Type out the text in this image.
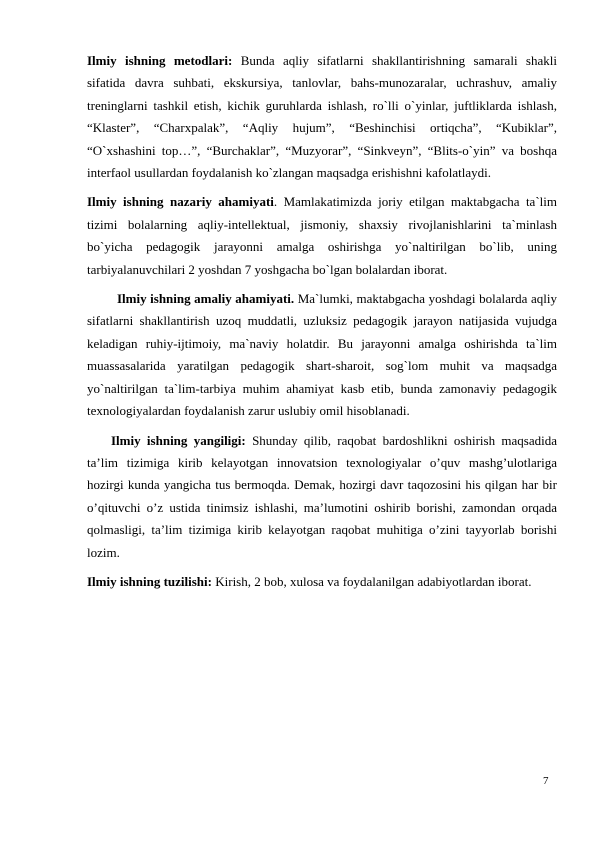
Ilmiy ishning metodlari: Bunda aqliy sifatlarni shakllantirishning samarali shakli sifatida davra suhbati, ekskursiya, tanlovlar, bahs-munozaralar, uchrashuv, amaliy treninglarni tashkil etish, kichik guruhlarda ishlash, ro`lli o`yinlar, juftliklarda ishlash, “Klaster”, “Charxpalak”, “Aqliy hujum”, “Beshinchisi ortiqcha”, “Kubiklar”, “O`xshashini top…”, “Burchaklar”, “Muzyorar”, “Sinkveyn”, “Blits-o`yin” va boshqa interfaol usullardan foydalanish ko`zlangan maqsadga erishishni kafolatlaydi.

Ilmiy ishning nazariy ahamiyati. Mamlakatimizda joriy etilgan maktabgacha ta`lim tizimi bolalarning aqliy-intellektual, jismoniy, shaxsiy rivojlanishlarini ta`minlash bo`yicha pedagogik jarayonni amalga oshirishga yo`naltirilgan bo`lib, uning tarbiyalanuvchilari 2 yoshdan 7 yoshgacha bo`lgan bolalardan iborat.

Ilmiy ishning amaliy ahamiyati. Ma`lumki, maktabgacha yoshdagi bolalarda aqliy sifatlarni shakllantirish uzoq muddatli, uzluksiz pedagogik jarayon natijasida vujudga keladigan ruhiy-ijtimoiy, ma`naviy holatdir. Bu jarayonni amalga oshirishda ta`lim muassasalarida yaratilgan pedagogik shart-sharoit, sog`lom muhit va maqsadga yo`naltirilgan ta`lim-tarbiya muhim ahamiyat kasb etib, bunda zamonaviy pedagogik texnologiyalardan foydalanish zarur uslubiy omil hisoblanadi.

Ilmiy ishning yangiligi: Shunday qilib, raqobat bardoshlikni oshirish maqsadida ta’lim tizimiga kirib kelayotgan innovatsion texnologiyalar o’quv mashg’ulotlariga hozirgi kunda yangicha tus bermoqda. Demak, hozirgi davr taqozosini his qilgan har bir o’qituvchi o’z ustida tinimsiz ishlashi, ma’lumotini oshirib borishi, zamondan orqada qolmasligi, ta’lim tizimiga kirib kelayotgan raqobat muhitiga o’zini tayyorlab borishi lozim.

Ilmiy ishning tuzilishi: Kirish, 2 bob, xulosa va foydalanilgan adabiyotlardan iborat.

7
